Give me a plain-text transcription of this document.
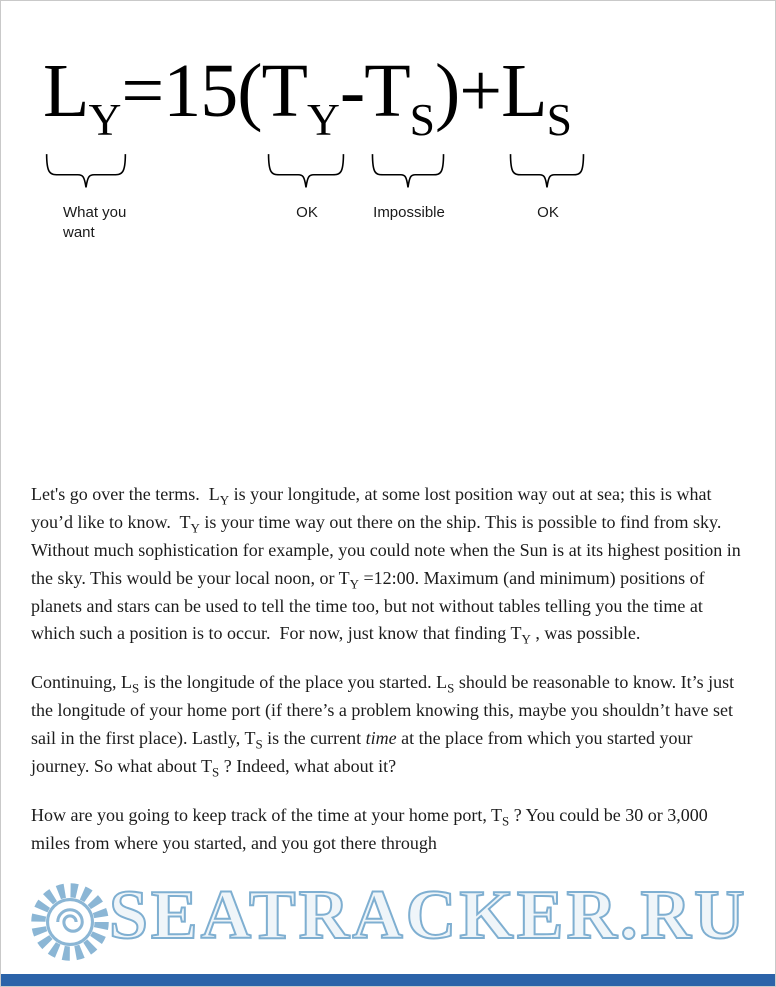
$L_Y=15(T_Y-T_S)+L_S$
What you want
OK	Impossible	OK

Let's go over the terms.  $L_Y$ is your longitude, at some lost position way out at sea; this is what you’d like to know.  $T_Y$ is your time way out there on the ship. This is possible to find from sky.  Without much sophistication for example, you could note when the Sun is at its highest position in the sky. This would be your local noon, or $T_Y$ =12:00. Maximum (and minimum) positions of planets and stars can be used to tell the time too, but not without tables telling you the time at which such a position is to occur.  For now, just know that finding $T_Y$ , was possible.

Continuing, $L_S$ is the longitude of the place you started. $L_S$ should be reasonable to know. It’s just the longitude of your home port (if there’s a problem knowing this, maybe you shouldn’t have set sail in the first place). Lastly, $T_S$ is the current time at the place from which you started your journey. So what about $T_S$ ? Indeed, what about it?

How are you going to keep track of the time at your home port, $T_S$ ? You could be 30 or 3,000 miles from where you started, and you got there through

SEATRACKER.RU
